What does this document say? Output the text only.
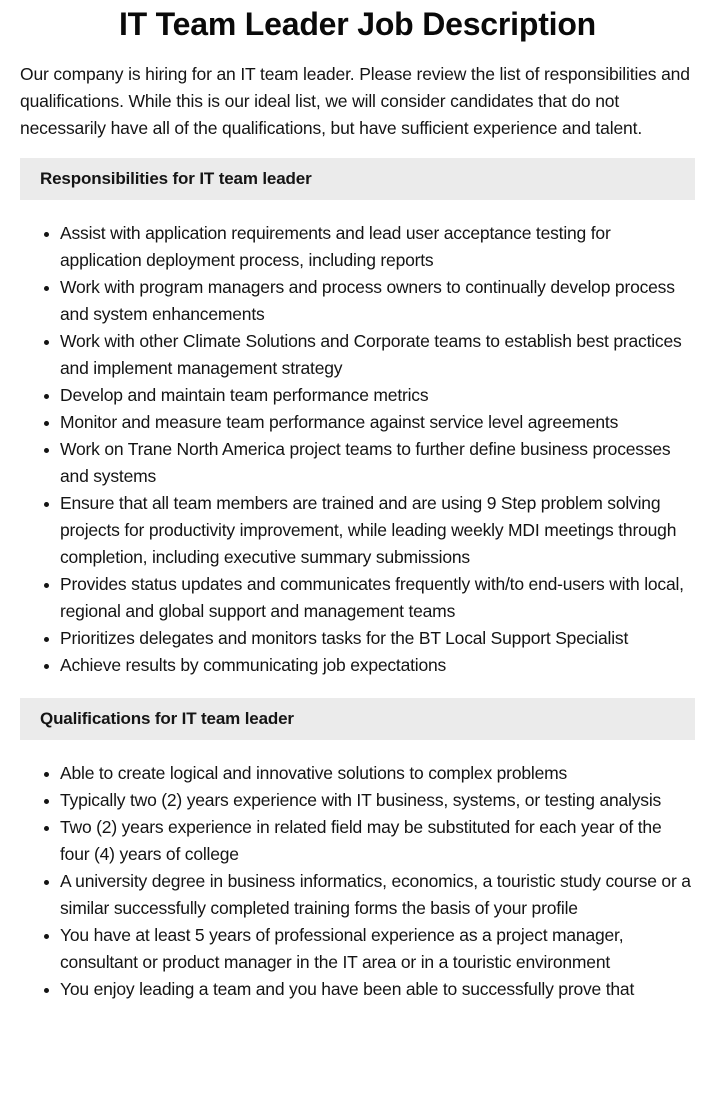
IT Team Leader Job Description

Our company is hiring for an IT team leader. Please review the list of responsibilities and qualifications. While this is our ideal list, we will consider candidates that do not necessarily have all of the qualifications, but have sufficient experience and talent.

Responsibilities for IT team leader
Assist with application requirements and lead user acceptance testing for application deployment process, including reports
Work with program managers and process owners to continually develop process and system enhancements
Work with other Climate Solutions and Corporate teams to establish best practices and implement management strategy
Develop and maintain team performance metrics
Monitor and measure team performance against service level agreements
Work on Trane North America project teams to further define business processes and systems
Ensure that all team members are trained and are using 9 Step problem solving projects for productivity improvement, while leading weekly MDI meetings through completion, including executive summary submissions
Provides status updates and communicates frequently with/to end-users with local, regional and global support and management teams
Prioritizes delegates and monitors tasks for the BT Local Support Specialist
Achieve results by communicating job expectations
Qualifications for IT team leader
Able to create logical and innovative solutions to complex problems
Typically two (2) years experience with IT business, systems, or testing analysis
Two (2) years experience in related field may be substituted for each year of the four (4) years of college
A university degree in business informatics, economics, a touristic study course or a similar successfully completed training forms the basis of your profile
You have at least 5 years of professional experience as a project manager, consultant or product manager in the IT area or in a touristic environment
You enjoy leading a team and you have been able to successfully prove that
